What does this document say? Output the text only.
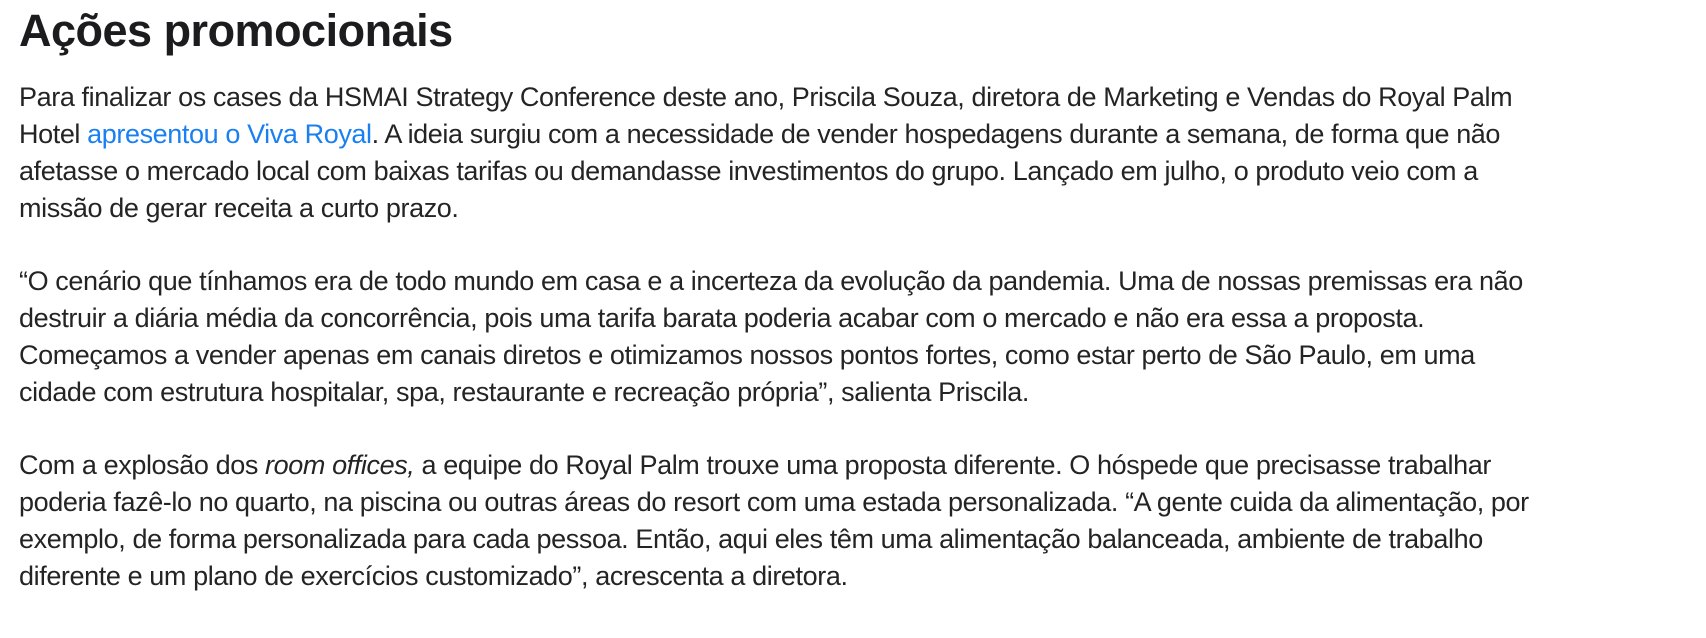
Ações promocionais

Para finalizar os cases da HSMAI Strategy Conference deste ano, Priscila Souza, diretora de Marketing e Vendas do Royal Palm Hotel apresentou o Viva Royal. A ideia surgiu com a necessidade de vender hospedagens durante a semana, de forma que não afetasse o mercado local com baixas tarifas ou demandasse investimentos do grupo. Lançado em julho, o produto veio com a missão de gerar receita a curto prazo.

“O cenário que tínhamos era de todo mundo em casa e a incerteza da evolução da pandemia. Uma de nossas premissas era não destruir a diária média da concorrência, pois uma tarifa barata poderia acabar com o mercado e não era essa a proposta. Começamos a vender apenas em canais diretos e otimizamos nossos pontos fortes, como estar perto de São Paulo, em uma cidade com estrutura hospitalar, spa, restaurante e recreação própria”, salienta Priscila.

Com a explosão dos room offices, a equipe do Royal Palm trouxe uma proposta diferente. O hóspede que precisasse trabalhar poderia fazê-lo no quarto, na piscina ou outras áreas do resort com uma estada personalizada. “A gente cuida da alimentação, por exemplo, de forma personalizada para cada pessoa. Então, aqui eles têm uma alimentação balanceada, ambiente de trabalho diferente e um plano de exercícios customizado”, acrescenta a diretora.
